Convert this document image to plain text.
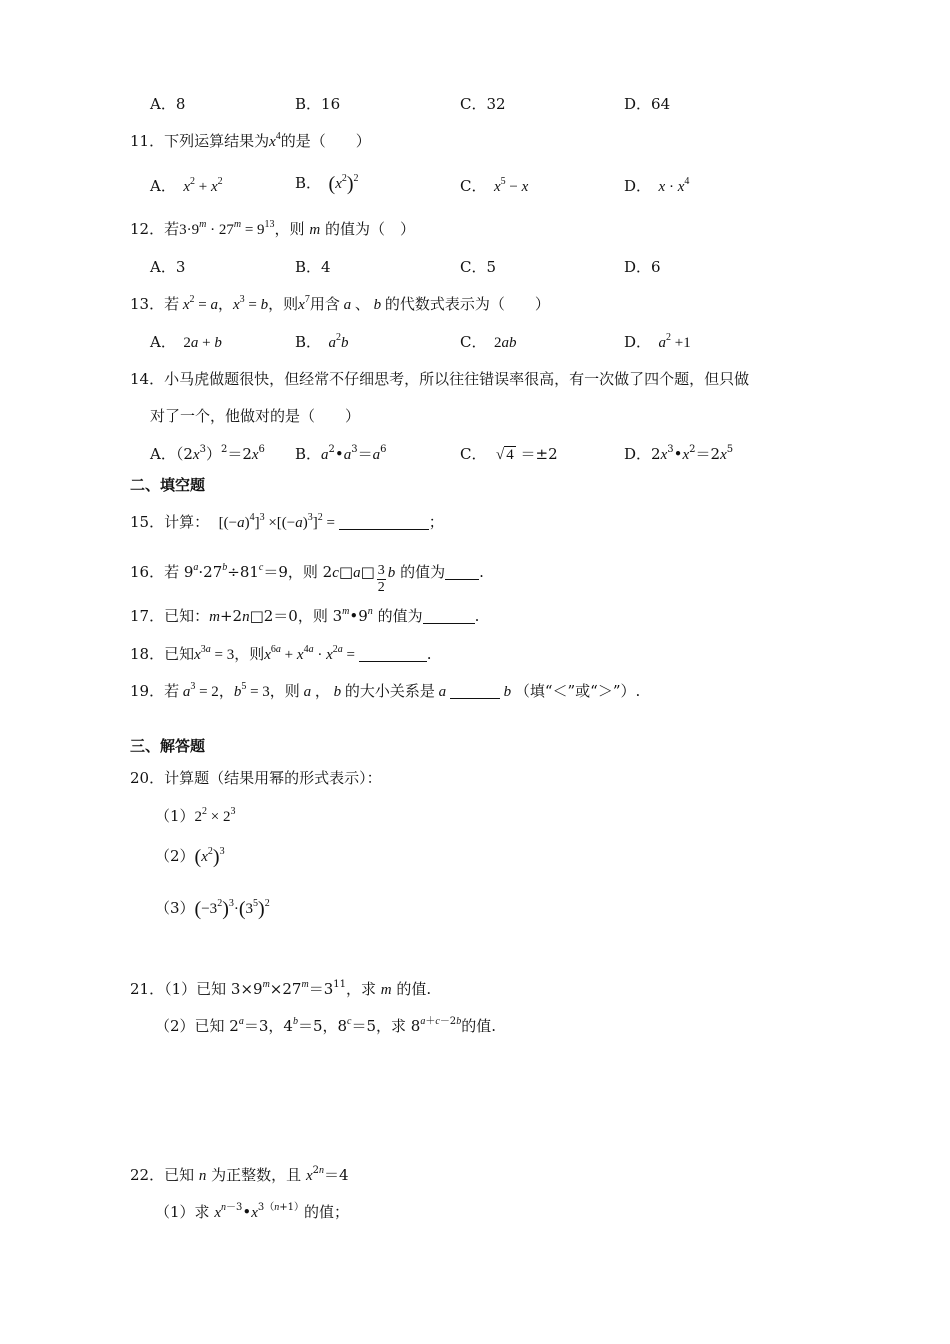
A．8	B．16	C．32	D．64
11．下列运算结果为$x^4$的是（　　）
A．  $x^2 + x^2$	B． $(x^2)^2$	C．  $x^5 - x$	D．  $x \cdot x^4$
12．若$3\cdot 9^m \cdot 27^m = 9^{13}$，则 m 的值为（　）
A．3	B．4	C．5	D．6
13．若 $x^2 = a$，$x^3 = b$，则$x^7$用含 a 、 b 的代数式表示为（　　）
A． 2a + b	B．  $a^2b$	C． 2ab	D．  $a^2 +1$
14．小马虎做题很快，但经常不仔细思考，所以往往错误率很高，有一次做了四个题，但只做
对了一个，他做对的是（　　）
A．$(2x^3)^2=2x^6$ B．$a^2•a^3=a^6$	C． √ 4 ＝±2	D．$2x^3•x^2=2x^5$
二、填空题
15．计算： $[(-a)^4]^3 \times[(-a)^3]^2$ =	；
16．若 $9^a\cdot 27^b\div 81^c=9$，则 2c□a□ $\frac{3}{2}$ b 的值为 .
17．已知：m+2n□2＝0，则 3$^m$•9$^n$ 的值为	.
18．已知$x^{3a} = 3$，则$x^{6a} + x^{4a} \cdot x^{2a}$ =	.
19．若 $a^3 = 2$，$b^5 = 3$，则 a ， b 的大小关系是 a	b （填“＜”或“＞”）.
三、解答题
20．计算题（结果用幂的形式表示）：
$(1)2^2 \times 2^3$
$(2)(x^2)^3$
$(3)(-3^2)^3\cdot(3^5)^2$
21．（1）已知 $3\times 9^m\times 27^m=3^{11}$，求 m 的值.
（2）已知 $2^a=3$，$4^b=5$，$8^c=5$，求 $8^{a+c-2b}$的值.
22．已知 n 为正整数，且 $x^{2n}=4$
（1）求 $x^{n-3}•x^{3(n+1)}$的值；
